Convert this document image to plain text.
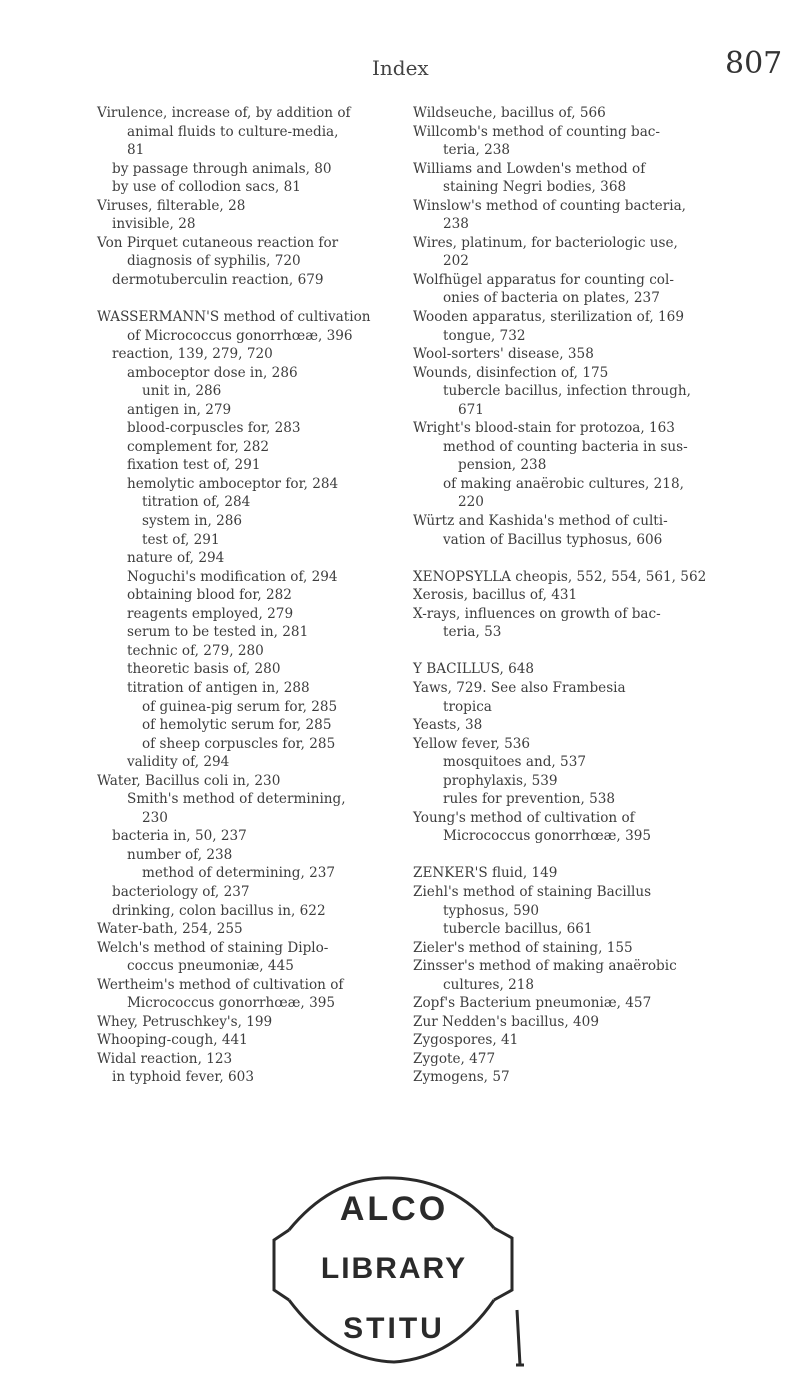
Index	807
Virulence, increase of, by addition of
animal fluids to culture-media,
81
by passage through animals, 80
by use of collodion sacs, 81
Viruses, filterable, 28
invisible, 28
Von Pirquet cutaneous reaction for
diagnosis of syphilis, 720
dermotuberculin reaction, 679
WASSERMANN'S method of cultivation
of Micrococcus gonorrhœæ, 396
reaction, 139, 279, 720
amboceptor dose in, 286
unit in, 286
antigen in, 279
blood-corpuscles for, 283
complement for, 282
fixation test of, 291
hemolytic amboceptor for, 284
titration of, 284
system in, 286
test of, 291
nature of, 294
Noguchi's modification of, 294
obtaining blood for, 282
reagents employed, 279
serum to be tested in, 281
technic of, 279, 280
theoretic basis of, 280
titration of antigen in, 288
of guinea-pig serum for, 285
of hemolytic serum for, 285
of sheep corpuscles for, 285
validity of, 294
Water, Bacillus coli in, 230
Smith's method of determining,
230
bacteria in, 50, 237
number of, 238
method of determining, 237
bacteriology of, 237
drinking, colon bacillus in, 622
Water-bath, 254, 255
Welch's method of staining Diplo-
coccus pneumoniæ, 445
Wertheim's method of cultivation of
Micrococcus gonorrhœæ, 395
Whey, Petruschkey's, 199
Whooping-cough, 441
Widal reaction, 123
in typhoid fever, 603
Wildseuche, bacillus of, 566
Willcomb's method of counting bac-
teria, 238
Williams and Lowden's method of
staining Negri bodies, 368
Winslow's method of counting bacteria,
238
Wires, platinum, for bacteriologic use,
202
Wolfhügel apparatus for counting col-
onies of bacteria on plates, 237
Wooden apparatus, sterilization of, 169
tongue, 732
Wool-sorters' disease, 358
Wounds, disinfection of, 175
tubercle bacillus, infection through,
671
Wright's blood-stain for protozoa, 163
method of counting bacteria in sus-
pension, 238
of making anaërobic cultures, 218,
220
Würtz and Kashida's method of culti-
vation of Bacillus typhosus, 606
XENOPSYLLA cheopis, 552, 554, 561, 562
Xerosis, bacillus of, 431
X-rays, influences on growth of bac-
teria, 53
Y BACILLUS, 648
Yaws, 729. See also Frambesia
tropica
Yeasts, 38
Yellow fever, 536
mosquitoes and, 537
prophylaxis, 539
rules for prevention, 538
Young's method of cultivation of
Micrococcus gonorrhœæ, 395
ZENKER'S fluid, 149
Ziehl's method of staining Bacillus
typhosus, 590
tubercle bacillus, 661
Zieler's method of staining, 155
Zinsser's method of making anaërobic
cultures, 218
Zopf's Bacterium pneumoniæ, 457
Zur Nedden's bacillus, 409
Zygospores, 41
Zygote, 477
Zymogens, 57
ALCO
LIBRARY
STITU
